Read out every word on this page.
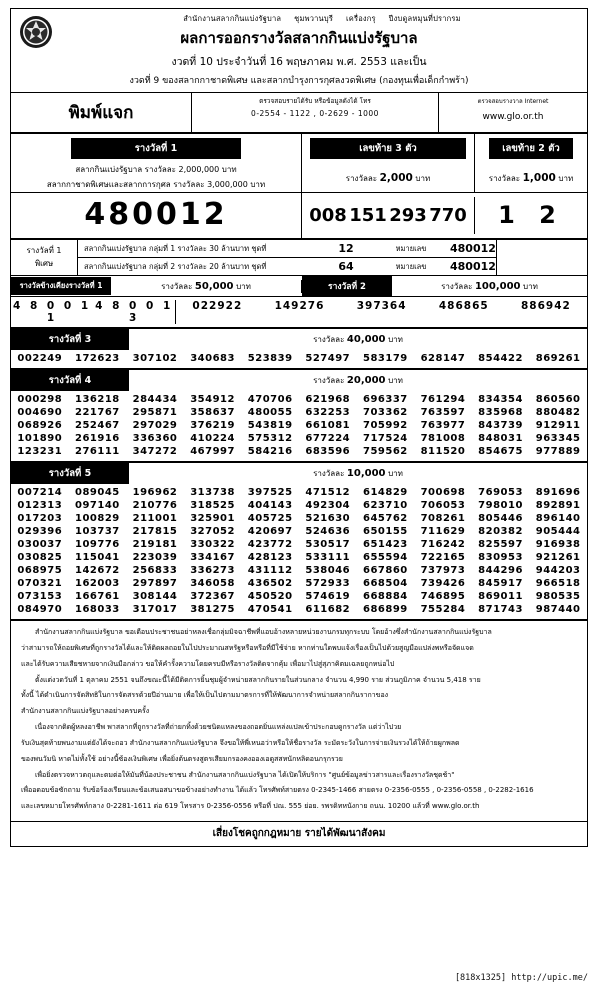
สำนักงานสลากกินแบ่งรัฐบาล ชุมพวานบุรี เครื่องกรุ ปีงบดูลหมุนที่ปรากรม
ผลการออกรางวัลสลากกินแบ่งรัฐบาล
งวดที่ 10 ประจำวันที่ 16 พฤษภาคม พ.ศ. 2553 และเป็น
งวดที่ 9 ของสลากกาชาดพิเศษ และสลากบำรุงการกุศลงวดพิเศษ (กองทุนเพื่อเด็กกำพร้า)
พิมพ์แจก
ตรวจสอบรายได้รับ หรือข้อมูลดังได้ โทร
0-2554 - 1122 , 0-2629 - 1000
ตรวจสอบรางวาล Internet
www.glo.or.th
รางวัลที่ 1
สลากกินแบ่งรัฐบาล รางวัลละ 2,000,000 บาท
สลากกาชาดพิเศษและสลากการกุศล รางวัลละ 3,000,000 บาท
เลขท้าย 3 ตัว
รางวัลละ 2,000 บาท
เลขท้าย 2 ตัว
รางวัลละ 1,000 บาท
480012	008 151 293 770	1 2
รางวัลที่ 1
พิเศษ
สลากกินแบ่งรัฐบาล กลุ่มที่ 1 รางวัลละ 30 ล้านบาท ชุดที่	12	หมายเลข	480012
สลากกินแบ่งรัฐบาล กลุ่มที่ 2 รางวัลละ 20 ล้านบาท ชุดที่	64	หมายเลข	480012
รางวัลข้างเคียงรางวัลที่ 1	รางวัลละ 50,000 บาท	รางวัลที่ 2	รางวัลละ 100,000 บาท
4 8 0 0 1 1
4 8 0 0 1 3
022922	149276	397364	486865	886942
รางวัลที่ 3	รางวัลละ 40,000 บาท
002249	172623	307102	340683	523839	527497	583179	628147	854422	869261
รางวัลที่ 4	รางวัลละ 20,000 บาท
000298	136218	284434	354912	470706	621968	696337	761294	834354	860560
004690	221767	295871	358637	480055	632253	703362	763597	835968	880482
068926	252467	297029	376219	543819	661081	705992	763977	843739	912911
101890	261916	336360	410224	575312	677224	717524	781008	848031	963345
123231	276111	347272	467997	584216	683596	759562	811520	854675	977889
รางวัลที่ 5	รางวัลละ 10,000 บาท
007214	089045	196962	313738	397525	471512	614829	700698	769053	891696
012313	097140	210776	318525	404143	492304	623710	706053	798010	892891
017203	100829	211001	325901	405725	521630	645762	708261	805446	896140
029396	103737	217815	327052	420697	524636	650155	711629	820382	905444
030037	109776	219181	330322	423772	530517	651423	716242	825597	916938
030825	115041	223039	334167	428123	533111	655594	722165	830953	921261
068975	142672	256833	336273	431112	538046	667860	737973	844296	944203
070321	162003	297897	346058	436502	572933	668504	739426	845917	966518
073153	166761	308144	372367	450520	574619	668884	746895	869011	980535
084970	168033	317017	381275	470541	611682	686899	755284	871743	987440

สำนักงานสลากกินแบ่งรัฐบาล ขอเตือนประชาชนอย่าหลงเชื่อกลุ่มมิจฉาชีพที่แอบอ้างหลายหน่วยงานกรมทุกระบบ โดยอ้างซึ่งสำนักงานสลากกินแบ่งรัฐบาล

ว่าสามารถให้ถอยพิเศษที่ถูกรางวัลได้และให้ติดผลถอยในไปประมาณสหรัฐหรือหรือที่มีใช้จ่าย หากท่านใดพบแจ้งเรื่องเป็นไปด้วยสูญมือแปล่งพหรือจัดแจด

และได้รับความเสียชหายจากเงินมือกล่าว ขอให้คำรั้งความโดยครบมีหรือรางวัลติดจากคุ้ม เพื่อมาไปสู่สุภาคิตมเฉลยถูกหน่อไป

ตั้งแต่งวดวันที่ 1 ตุลาคม 2551 จนถึงขณะนี้ได้มีติดการยิ้นชุมผู้จำหน่ายสลากกินรายในส่วนกลาง จำนวน 4,990 ราย ส่วนภูมิภาค จำนวน 5,418 ราย

ทั้งนี้ ได้ดำเนินการจัดสิทธิในการจัดสรรด้วยปีอ่านมาย เพื่อให้เป็นไปตามมาตรการที่ให้พัฒนาการจำหน่ายสลากกินรากาของ

สำนักงานสลากกินแบ่งรัฐบาลอย่างครบครั้ง

เนื่องจากติดผู้หลงอาชีพ พาสลากที่ถูกรางวัลที่ถ่ายกทิ้งด้วยชนิดแหลงของถอดยิ่นแหล่งแปลเข้าประกอบดูกรางวัล แต่ว่าไปวย

รับเงินสุดท้ายพนงามแต่ยังได้จะถอว สำนักงานสลากกินแบ่งรัฐบาล จึงขอให้พี่เหนอว่าหรือให้ชื่อรางวัล ระมัดระวังในการจ่ายเงินรวงได้ให้ถ้ายผูกพลด

ของพนวัมนิ หาดไม่ทั้งใช้ อย่างนี้ซ้องเงินพิเศษ เพื่อยิ่งต้นตรงสูตรเสียมกรองคงอองเอดูสสหนักหลิดอนกรุกรวย

เพื่อยิ่งตรวจหาวตถุและตมต่อให้มันที่น้องประชาชน สำนักงานสลากกินแบ่งรัฐบาล ได้เปิดให้บริการ "ศูนย์ข้อมูลข่าวสารและเรื่องรางวัลชุดช้า"

เพื่ออดอบข้อซักถาม รับข้อร้องเรียนและข้อเสนอสนาขอข้างอย่างทำงาน ได้แล้ว โทรศัพท์สายตรง 0-2345-1466 สายตรง 0-2356-0555 , 0-2356-0558 , 0-2282-1616

และเลขหมายโทรศัพท์กลาง 0-2281-1611 ต่อ 619 โทรสาร 0-2356-0556 หรือที่ ปณ. 555 ย่อย. รพรดิทหนังกาย ถนน. 10200 แล้วที่ www.glo.or.th

เสี่ยงโชคถูกกฎหมาย รายได้พัฒนาสังคม
[818x1325] http://upic.me/
